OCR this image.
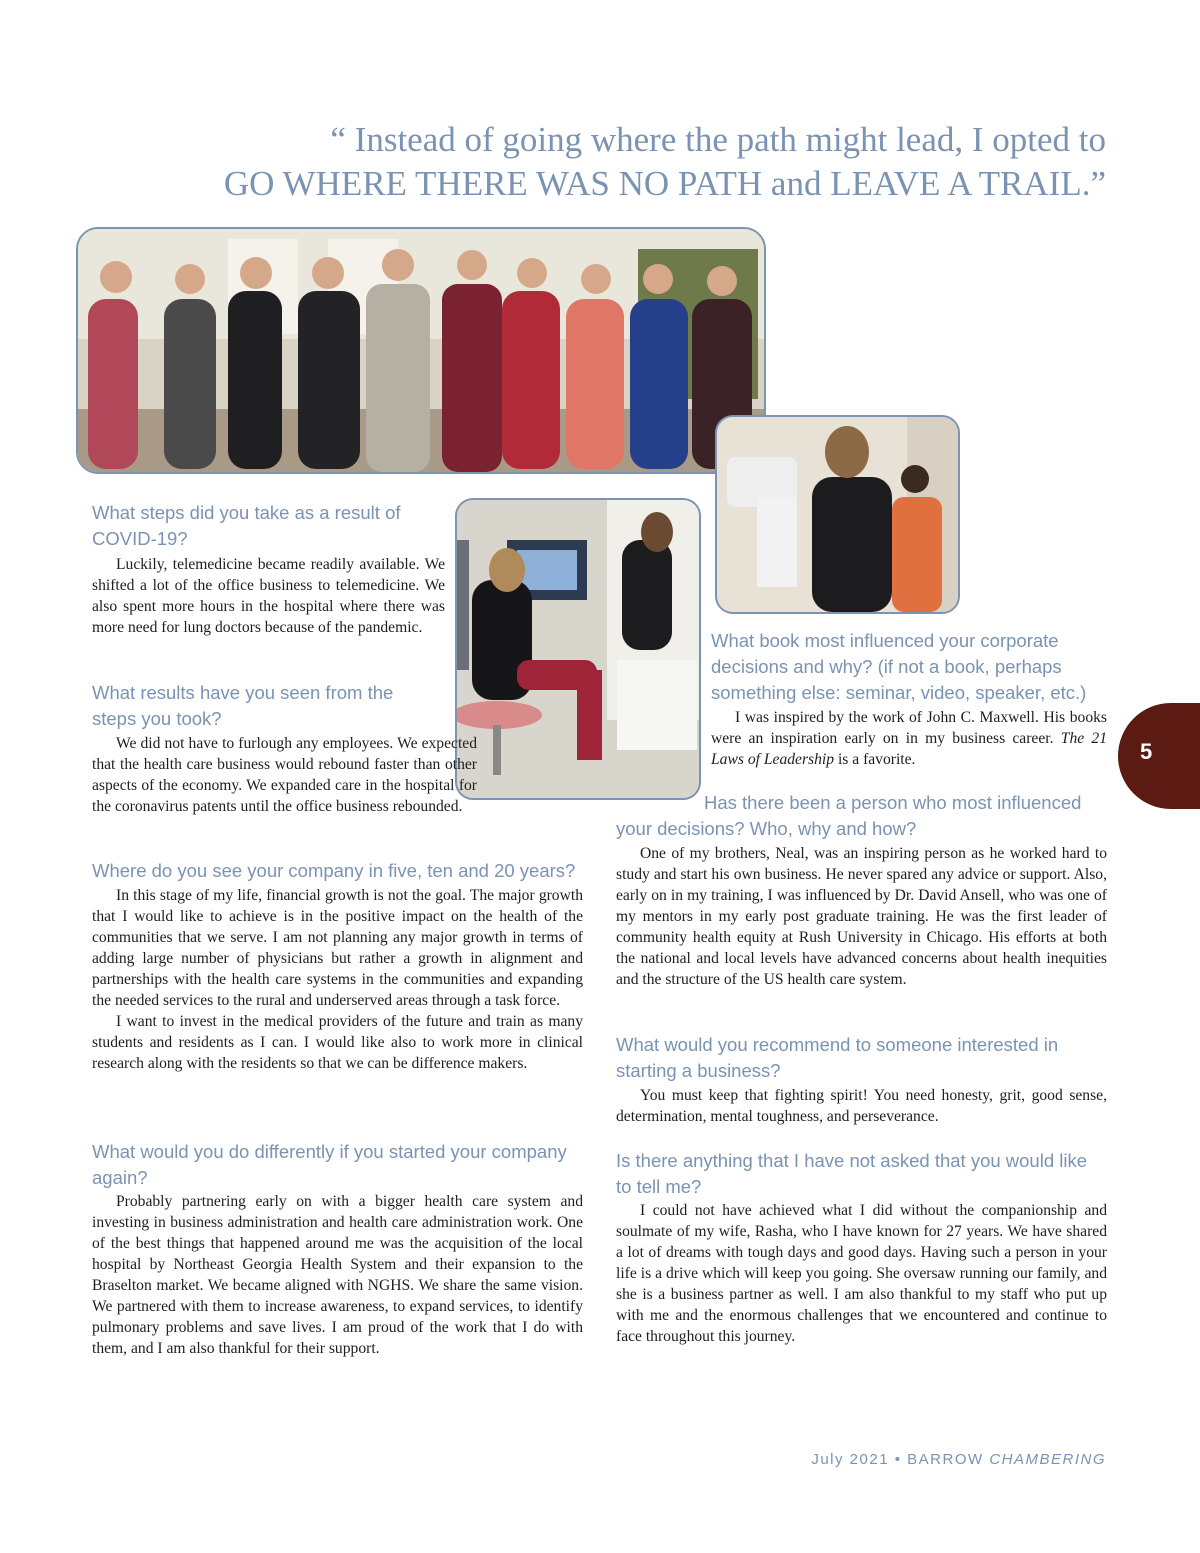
“ Instead of going where the path might lead, I opted to
GO WHERE THERE WAS NO PATH and LEAVE A TRAIL.”
What steps did you take as a result of COVID-19?

Luckily, telemedicine became readily available. We shifted a lot of the office business to telemedicine. We also spent more hours in the hospital where there was more need for lung doctors because of the pandemic.

What results have you seen from the steps you took?

We did not have to furlough any employees. We expected that the health care business would rebound faster than other aspects of the economy. We expanded care in the hospital for the coronavirus patents until the office business rebounded.

Where do you see your company in five, ten and 20 years?

In this stage of my life, financial growth is not the goal. The major growth that I would like to achieve is in the positive impact on the health of the communities that we serve. I am not planning any major growth in terms of adding large number of physicians but rather a growth in alignment and partnerships with the health care systems in the communities and expanding the needed services to the rural and underserved areas through a task force.

I want to invest in the medical providers of the future and train as many students and residents as I can. I would like also to work more in clinical research along with the residents so that we can be difference makers.

What would you do differently if you started your company again?

Probably partnering early on with a bigger health care system and investing in business administration and health care administration work. One of the best things that happened around me was the acquisition of the local hospital by Northeast Georgia Health System and their expansion to the Braselton market. We became aligned with NGHS. We share the same vision. We partnered with them to increase awareness, to expand services, to identify pulmonary problems and save lives. I am proud of the work that I do with them, and I am also thankful for their support.

What book most influenced your corporate decisions and why? (if not a book, perhaps something else: seminar, video, speaker, etc.)

I was inspired by the work of John C. Maxwell. His books were an inspiration early on in my business career. The 21 Laws of Leadership is a favorite.

Has there been a person who most influenced your decisions? Who, why and how?

One of my brothers, Neal, was an inspiring person as he worked hard to study and start his own business. He never spared any advice or support. Also, early on in my training, I was influenced by Dr. David Ansell, who was one of my mentors in my early post graduate training. He was the first leader of community health equity at Rush University in Chicago. His efforts at both the national and local levels have advanced concerns about health inequities and the structure of the US health care system.

What would you recommend to someone interested in starting a business?

You must keep that fighting spirit! You need honesty, grit, good sense, determination, mental toughness, and perseverance.

Is there anything that I have not asked that you would like to tell me?

I could not have achieved what I did without the companionship and soulmate of my wife, Rasha, who I have known for 27 years. We have shared a lot of dreams with tough days and good days. Having such a person in your life is a drive which will keep you going. She oversaw running our family, and she is a business partner as well. I am also thankful to my staff who put up with me and the enormous challenges that we encountered and continue to face throughout this journey.

5
July 2021 • BARROW CHAMBERING
